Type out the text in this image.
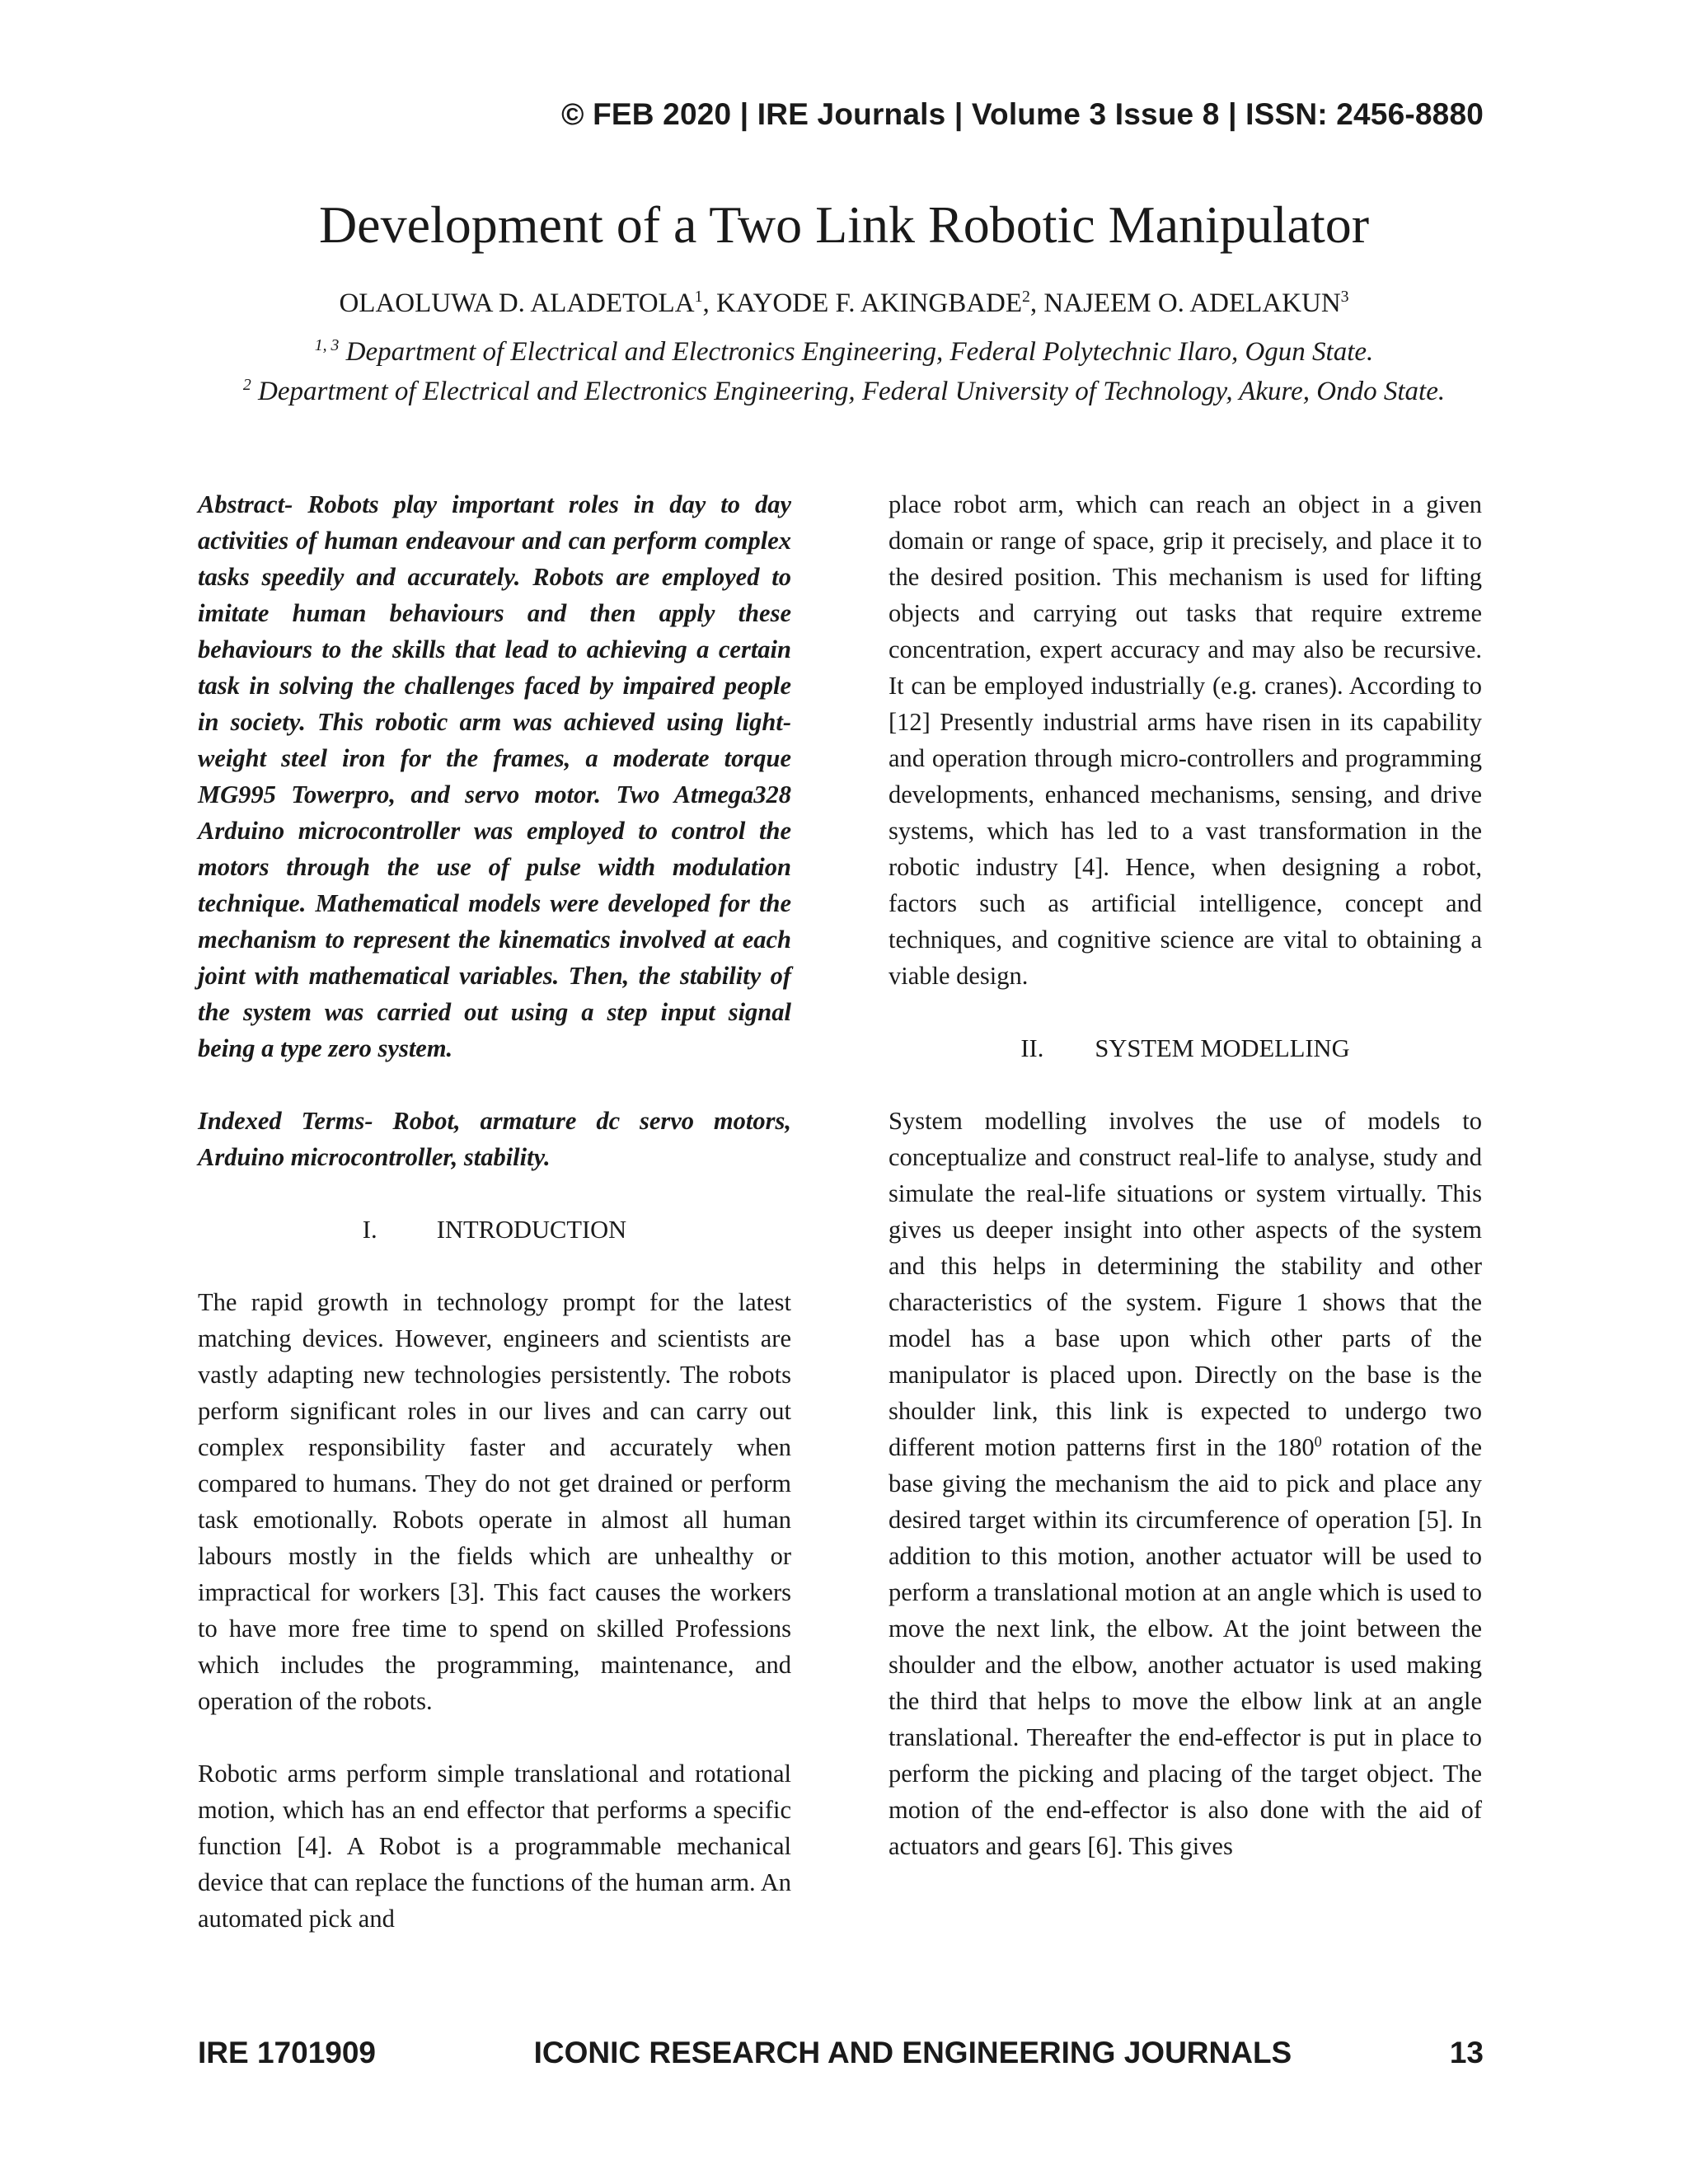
© FEB 2020 | IRE Journals | Volume 3 Issue 8 | ISSN: 2456-8880
Development of a Two Link Robotic Manipulator
OLAOLUWA D. ALADETOLA$^1$, KAYODE F. AKINGBADE$^2$, NAJEEM O. ADELAKUN$^3$
$^{1, 3}$ Department of Electrical and Electronics Engineering, Federal Polytechnic Ilaro, Ogun State.
$^2$ Department of Electrical and Electronics Engineering, Federal University of Technology, Akure, Ondo State.

Abstract- Robots play important roles in day to day activities of human endeavour and can perform complex tasks speedily and accurately. Robots are employed to imitate human behaviours and then apply these behaviours to the skills that lead to achieving a certain task in solving the challenges faced by impaired people in society. This robotic arm was achieved using light-weight steel iron for the frames, a moderate torque MG995 Towerpro, and servo motor. Two Atmega328 Arduino microcontroller was employed to control the motors through the use of pulse width modulation technique. Mathematical models were developed for the mechanism to represent the kinematics involved at each joint with mathematical variables. Then, the stability of the system was carried out using a step input signal being a type zero system.

Indexed Terms- Robot, armature dc servo motors, Arduino microcontroller, stability.

I. INTRODUCTION

The rapid growth in technology prompt for the latest matching devices. However, engineers and scientists are vastly adapting new technologies persistently. The robots perform significant roles in our lives and can carry out complex responsibility faster and accurately when compared to humans. They do not get drained or perform task emotionally. Robots operate in almost all human labours mostly in the fields which are unhealthy or impractical for workers [3]. This fact causes the workers to have more free time to spend on skilled Professions which includes the programming, maintenance, and operation of the robots.

Robotic arms perform simple translational and rotational motion, which has an end effector that performs a specific function [4]. A Robot is a programmable mechanical device that can replace the functions of the human arm. An automated pick and

place robot arm, which can reach an object in a given domain or range of space, grip it precisely, and place it to the desired position. This mechanism is used for lifting objects and carrying out tasks that require extreme concentration, expert accuracy and may also be recursive. It can be employed industrially (e.g. cranes). According to [12] Presently industrial arms have risen in its capability and operation through micro-controllers and programming developments, enhanced mechanisms, sensing, and drive systems, which has led to a vast transformation in the robotic industry [4]. Hence, when designing a robot, factors such as artificial intelligence, concept and techniques, and cognitive science are vital to obtaining a viable design.

II. SYSTEM MODELLING

System modelling involves the use of models to conceptualize and construct real-life to analyse, study and simulate the real-life situations or system virtually. This gives us deeper insight into other aspects of the system and this helps in determining the stability and other characteristics of the system. Figure 1 shows that the model has a base upon which other parts of the manipulator is placed upon. Directly on the base is the shoulder link, this link is expected to undergo two different motion patterns first in the $180^0$ rotation of the base giving the mechanism the aid to pick and place any desired target within its circumference of operation [5]. In addition to this motion, another actuator will be used to perform a translational motion at an angle which is used to move the next link, the elbow. At the joint between the shoulder and the elbow, another actuator is used making the third that helps to move the elbow link at an angle translational. Thereafter the end-effector is put in place to perform the picking and placing of the target object. The motion of the end-effector is also done with the aid of actuators and gears [6]. This gives

IRE 1701909	ICONIC RESEARCH AND ENGINEERING JOURNALS	13
